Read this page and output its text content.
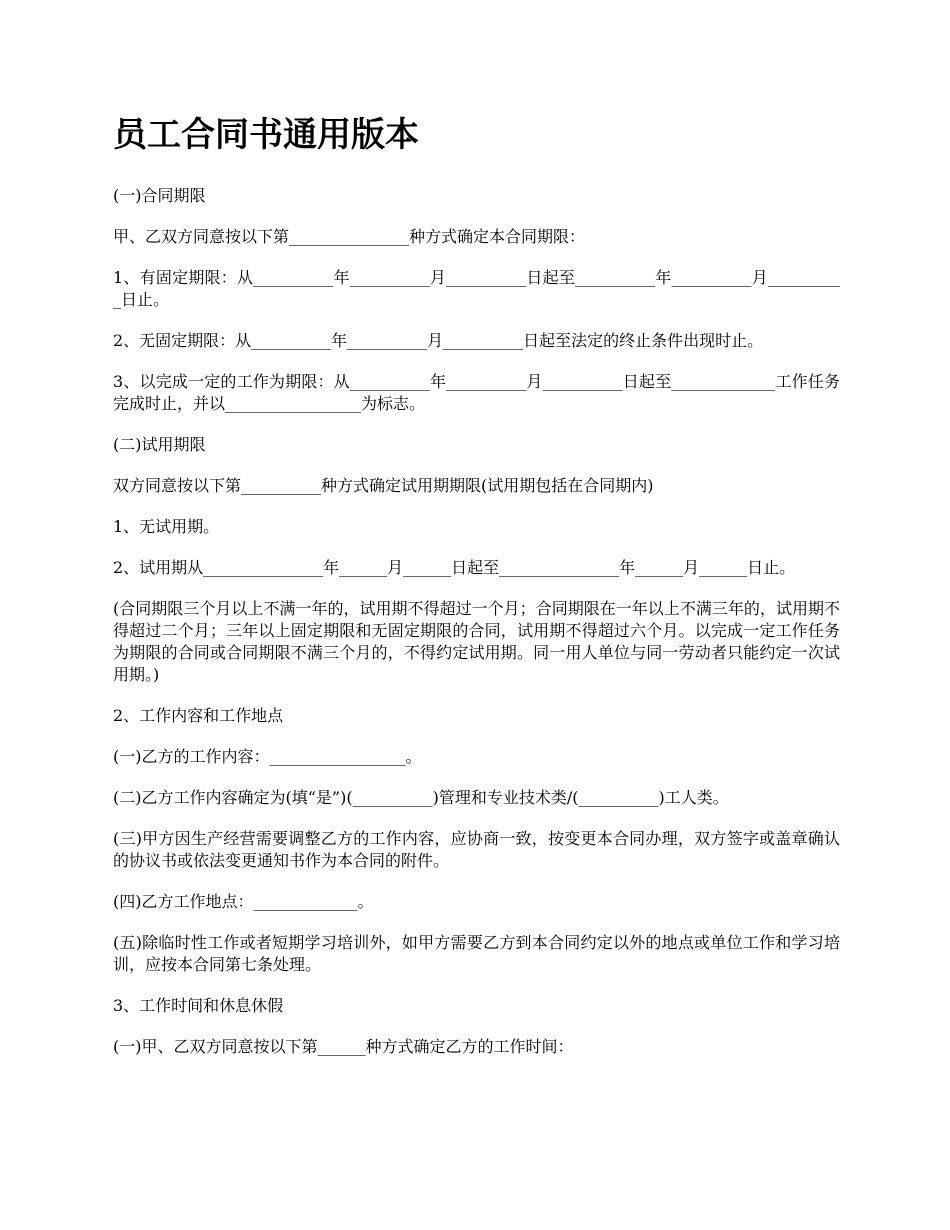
员工合同书通用版本

(一)合同期限

甲、乙双方同意按以下第_______________种方式确定本合同期限：

1、有固定期限：从__________年__________月__________日起至__________年__________月__________日止。

2、无固定期限：从__________年__________月__________日起至法定的终止条件出现时止。

3、以完成一定的工作为期限：从__________年__________月__________日起至_____________工作任务完成时止，并以_________________为标志。

(二)试用期限

双方同意按以下第__________种方式确定试用期期限(试用期包括在合同期内)

1、无试用期。

2、试用期从_______________年______月______日起至_______________年______月______日止。

(合同期限三个月以上不满一年的，试用期不得超过一个月；合同期限在一年以上不满三年的，试用期不得超过二个月；三年以上固定期限和无固定期限的合同，试用期不得超过六个月。以完成一定工作任务为期限的合同或合同期限不满三个月的，不得约定试用期。同一用人单位与同一劳动者只能约定一次试用期。)

2、工作内容和工作地点

(一)乙方的工作内容：_________________。

(二)乙方工作内容确定为(填“是”)(__________)管理和专业技术类/(__________)工人类。

(三)甲方因生产经营需要调整乙方的工作内容，应协商一致，按变更本合同办理，双方签字或盖章确认的协议书或依法变更通知书作为本合同的附件。

(四)乙方工作地点：_____________。

(五)除临时性工作或者短期学习培训外，如甲方需要乙方到本合同约定以外的地点或单位工作和学习培训，应按本合同第七条处理。

3、工作时间和休息休假

(一)甲、乙双方同意按以下第______种方式确定乙方的工作时间：
